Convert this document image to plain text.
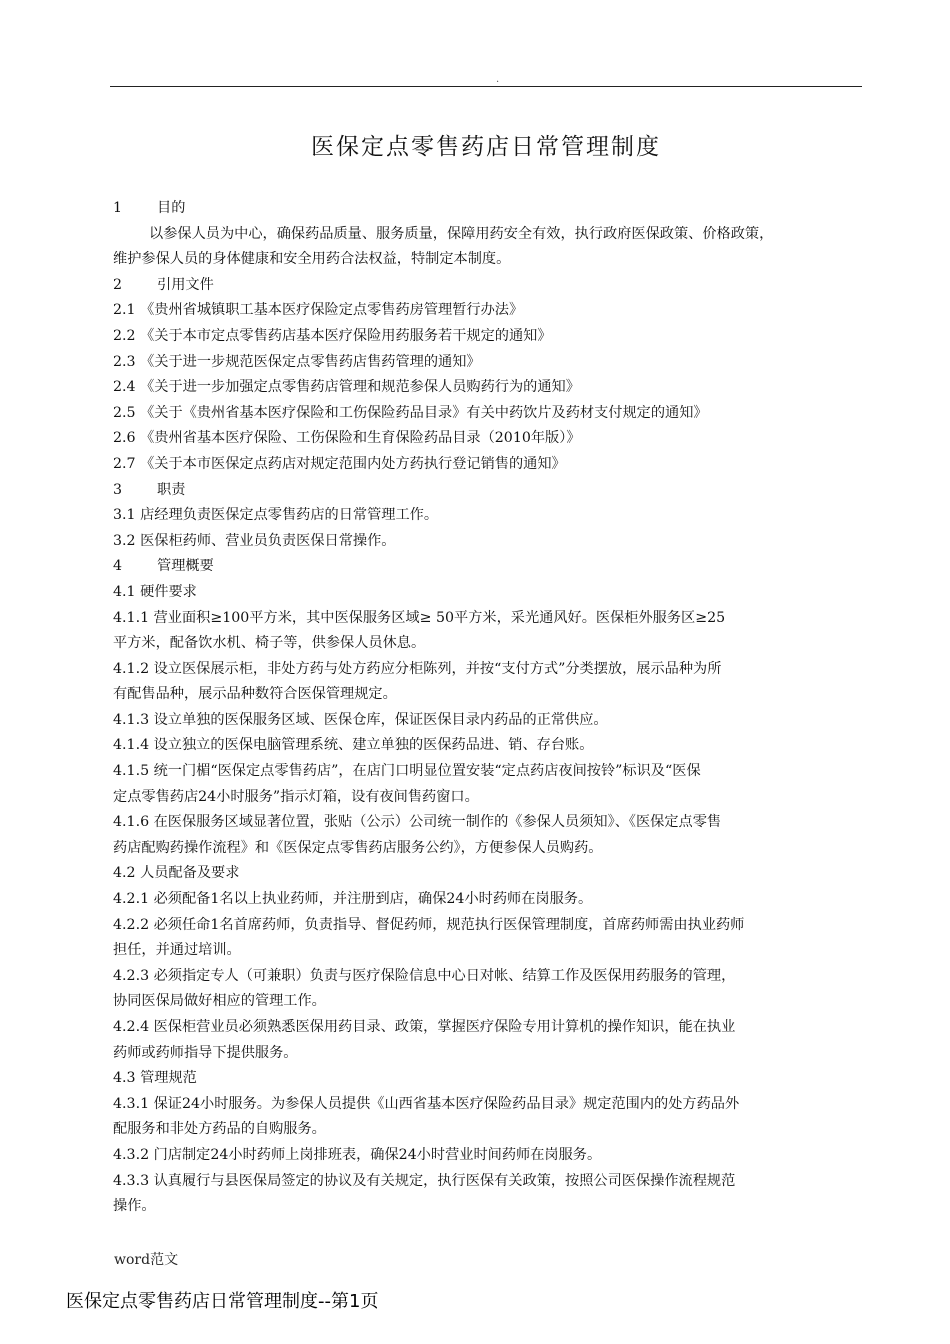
.
医保定点零售药店日常管理制度
1 目的
以参保人员为中心，确保药品质量、服务质量，保障用药安全有效，执行政府医保政策、价格政策，
维护参保人员的身体健康和安全用药合法权益，特制定本制度。
2 引用文件
2.1 《贵州省城镇职工基本医疗保险定点零售药房管理暂行办法》
2.2 《关于本市定点零售药店基本医疗保险用药服务若干规定的通知》
2.3 《关于进一步规范医保定点零售药店售药管理的通知》
2.4 《关于进一步加强定点零售药店管理和规范参保人员购药行为的通知》
2.5 《关于《贵州省基本医疗保险和工伤保险药品目录》有关中药饮片及药材支付规定的通知》
2.6 《贵州省基本医疗保险、工伤保险和生育保险药品目录（2010年版）》
2.7 《关于本市医保定点药店对规定范围内处方药执行登记销售的通知》
3 职责
3.1 店经理负责医保定点零售药店的日常管理工作。
3.2 医保柜药师、营业员负责医保日常操作。
4 管理概要
4.1 硬件要求
4.1.1 营业面积≥100平方米，其中医保服务区域≥ 50平方米，采光通风好。医保柜外服务区≥25
平方米，配备饮水机、椅子等，供参保人员休息。
4.1.2 设立医保展示柜，非处方药与处方药应分柜陈列，并按“支付方式”分类摆放，展示品种为所
有配售品种，展示品种数符合医保管理规定。
4.1.3 设立单独的医保服务区域、医保仓库，保证医保目录内药品的正常供应。
4.1.4 设立独立的医保电脑管理系统、建立单独的医保药品进、销、存台账。
4.1.5 统一门楣“医保定点零售药店”，在店门口明显位置安装“定点药店夜间按铃”标识及“医保
定点零售药店24小时服务”指示灯箱，设有夜间售药窗口。
4.1.6 在医保服务区域显著位置，张贴（公示）公司统一制作的《参保人员须知》、《医保定点零售
药店配购药操作流程》和《医保定点零售药店服务公约》，方便参保人员购药。
4.2 人员配备及要求
4.2.1 必须配备1名以上执业药师，并注册到店，确保24小时药师在岗服务。
4.2.2 必须任命1名首席药师，负责指导、督促药师，规范执行医保管理制度，首席药师需由执业药师
担任，并通过培训。
4.2.3 必须指定专人（可兼职）负责与医疗保险信息中心日对帐、结算工作及医保用药服务的管理，
协同医保局做好相应的管理工作。
4.2.4 医保柜营业员必须熟悉医保用药目录、政策，掌握医疗保险专用计算机的操作知识，能在执业
药师或药师指导下提供服务。
4.3 管理规范
4.3.1 保证24小时服务。为参保人员提供《山西省基本医疗保险药品目录》规定范围内的处方药品外
配服务和非处方药品的自购服务。
4.3.2 门店制定24小时药师上岗排班表，确保24小时营业时间药师在岗服务。
4.3.3 认真履行与县医保局签定的协议及有关规定，执行医保有关政策，按照公司医保操作流程规范
操作。
word范文
医保定点零售药店日常管理制度--第1页
